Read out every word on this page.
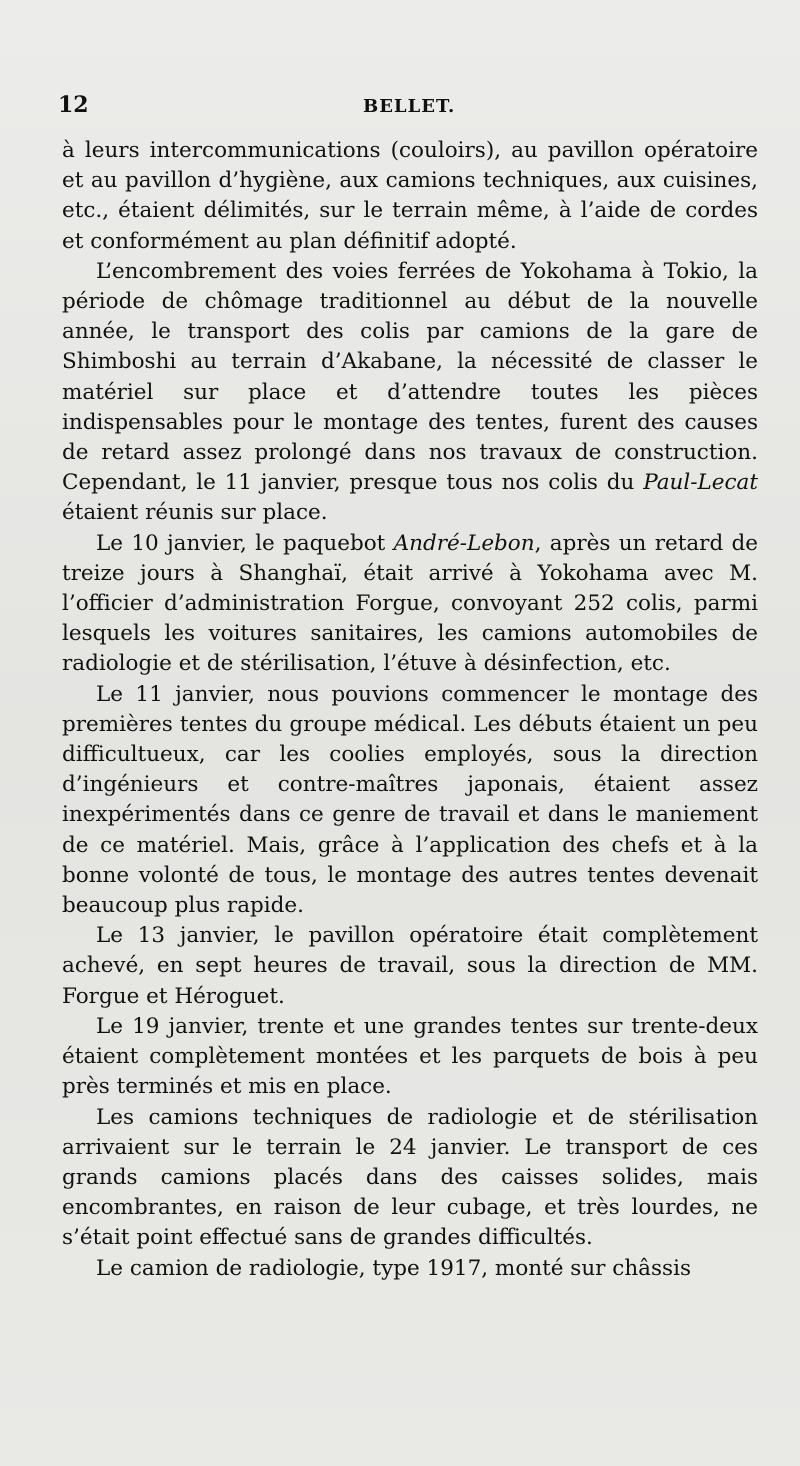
12	BELLET.

à leurs intercommunications (couloirs), au pavillon opératoire et au pavillon d’hygiène, aux camions techniques, aux cuisines, etc., étaient délimités, sur le terrain même, à l’aide de cordes et conformément au plan définitif adopté.

L’encombrement des voies ferrées de Yokohama à Tokio, la période de chômage traditionnel au début de la nouvelle année, le transport des colis par camions de la gare de Shimboshi au terrain d’Akabane, la nécessité de classer le matériel sur place et d’attendre toutes les pièces indispensables pour le montage des tentes, furent des causes de retard assez prolongé dans nos travaux de construction. Cependant, le 11 janvier, presque tous nos colis du Paul-Lecat étaient réunis sur place.

Le 10 janvier, le paquebot André-Lebon, après un retard de treize jours à Shanghaï, était arrivé à Yokohama avec M. l’officier d’administration Forgue, convoyant 252 colis, parmi lesquels les voitures sanitaires, les camions automobiles de radiologie et de stérilisation, l’étuve à désinfection, etc.

Le 11 janvier, nous pouvions commencer le montage des premières tentes du groupe médical. Les débuts étaient un peu difficultueux, car les coolies employés, sous la direction d’ingénieurs et contre-maîtres japonais, étaient assez inexpérimentés dans ce genre de travail et dans le maniement de ce matériel. Mais, grâce à l’application des chefs et à la bonne volonté de tous, le montage des autres tentes devenait beaucoup plus rapide.

Le 13 janvier, le pavillon opératoire était complètement achevé, en sept heures de travail, sous la direction de MM. Forgue et Héroguet.

Le 19 janvier, trente et une grandes tentes sur trente-deux étaient complètement montées et les parquets de bois à peu près terminés et mis en place.

Les camions techniques de radiologie et de stérilisation arrivaient sur le terrain le 24 janvier. Le transport de ces grands camions placés dans des caisses solides, mais encombrantes, en raison de leur cubage, et très lourdes, ne s’était point effectué sans de grandes difficultés.

Le camion de radiologie, type 1917, monté sur châssis
